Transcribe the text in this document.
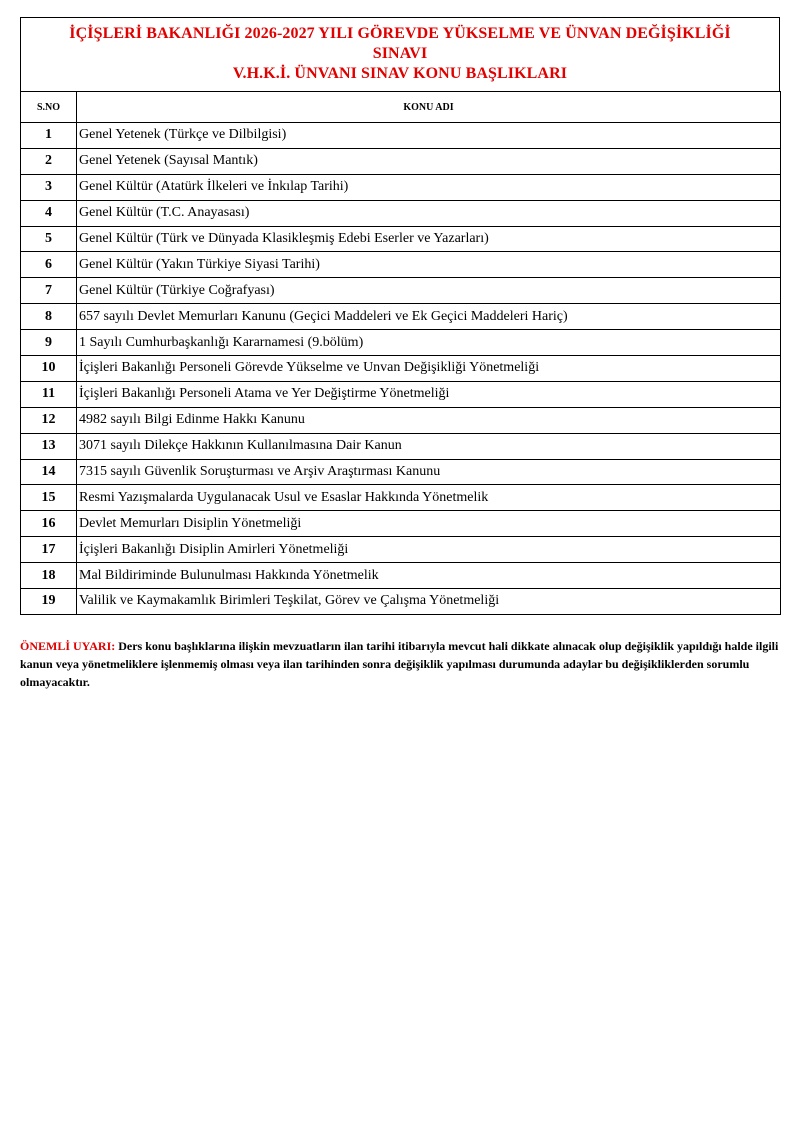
İÇİŞLERİ BAKANLIĞI 2026-2027 YILI GÖREVDE YÜKSELME VE ÜNVAN DEĞİŞİKLİĞİ
SINAVI
V.H.K.İ. ÜNVANI SINAV KONU BAŞLIKLARI
S.NO	KONU ADI
1	Genel Yetenek (Türkçe ve Dilbilgisi)
2	Genel Yetenek (Sayısal Mantık)
3	Genel Kültür (Atatürk İlkeleri ve İnkılap Tarihi)
4	Genel Kültür (T.C. Anayasası)
5	Genel Kültür (Türk ve Dünyada Klasikleşmiş Edebi Eserler ve Yazarları)
6	Genel Kültür (Yakın Türkiye Siyasi Tarihi)
7	Genel Kültür (Türkiye Coğrafyası)
8	657 sayılı Devlet Memurları Kanunu (Geçici Maddeleri ve Ek Geçici Maddeleri Hariç)
9	1 Sayılı Cumhurbaşkanlığı Kararnamesi (9.bölüm)
10	İçişleri Bakanlığı Personeli Görevde Yükselme ve Unvan Değişikliği Yönetmeliği
11	İçişleri Bakanlığı Personeli Atama ve Yer Değiştirme Yönetmeliği
12	4982 sayılı Bilgi Edinme Hakkı Kanunu
13	3071 sayılı Dilekçe Hakkının Kullanılmasına Dair Kanun
14	7315 sayılı Güvenlik Soruşturması ve Arşiv Araştırması Kanunu
15	Resmi Yazışmalarda Uygulanacak Usul ve Esaslar Hakkında Yönetmelik
16	Devlet Memurları Disiplin Yönetmeliği
17	İçişleri Bakanlığı Disiplin Amirleri Yönetmeliği
18	Mal Bildiriminde Bulunulması Hakkında Yönetmelik
19	Valilik ve Kaymakamlık Birimleri Teşkilat, Görev ve Çalışma Yönetmeliği
ÖNEMLİ UYARI: Ders konu başlıklarına ilişkin mevzuatların ilan tarihi itibarıyla mevcut hali dikkate alınacak olup değişiklik yapıldığı halde ilgili kanun veya yönetmeliklere işlenmemiş olması veya ilan tarihinden sonra değişiklik yapılması durumunda adaylar bu değişikliklerden sorumlu olmayacaktır.
